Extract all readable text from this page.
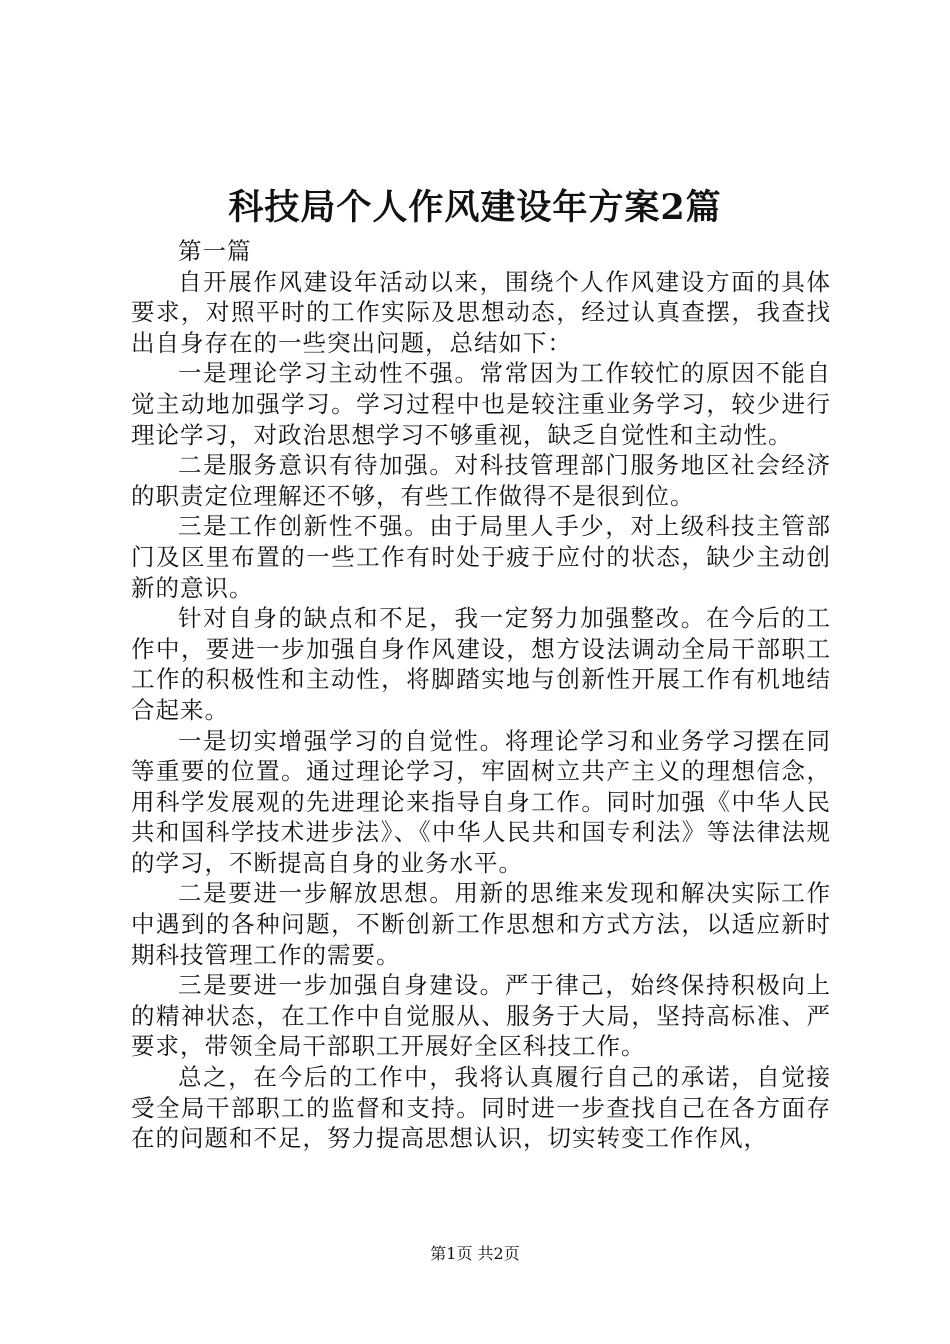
科技局个人作风建设年方案2篇

第一篇

自开展作风建设年活动以来，围绕个人作风建设方面的具体要求，对照平时的工作实际及思想动态，经过认真查摆，我查找出自身存在的一些突出问题，总结如下：

一是理论学习主动性不强。常常因为工作较忙的原因不能自觉主动地加强学习。学习过程中也是较注重业务学习，较少进行理论学习，对政治思想学习不够重视，缺乏自觉性和主动性。

二是服务意识有待加强。对科技管理部门服务地区社会经济的职责定位理解还不够，有些工作做得不是很到位。

三是工作创新性不强。由于局里人手少，对上级科技主管部门及区里布置的一些工作有时处于疲于应付的状态，缺少主动创新的意识。

针对自身的缺点和不足，我一定努力加强整改。在今后的工作中，要进一步加强自身作风建设，想方设法调动全局干部职工工作的积极性和主动性，将脚踏实地与创新性开展工作有机地结合起来。

一是切实增强学习的自觉性。将理论学习和业务学习摆在同等重要的位置。通过理论学习，牢固树立共产主义的理想信念，用科学发展观的先进理论来指导自身工作。同时加强《中华人民共和国科学技术进步法》、《中华人民共和国专利法》等法律法规的学习，不断提高自身的业务水平。

二是要进一步解放思想。用新的思维来发现和解决实际工作中遇到的各种问题，不断创新工作思想和方式方法，以适应新时期科技管理工作的需要。

三是要进一步加强自身建设。严于律己，始终保持积极向上的精神状态，在工作中自觉服从、服务于大局，坚持高标准、严要求，带领全局干部职工开展好全区科技工作。

总之，在今后的工作中，我将认真履行自己的承诺，自觉接受全局干部职工的监督和支持。同时进一步查找自己在各方面存在的问题和不足，努力提高思想认识，切实转变工作作风，

第1页 共2页
